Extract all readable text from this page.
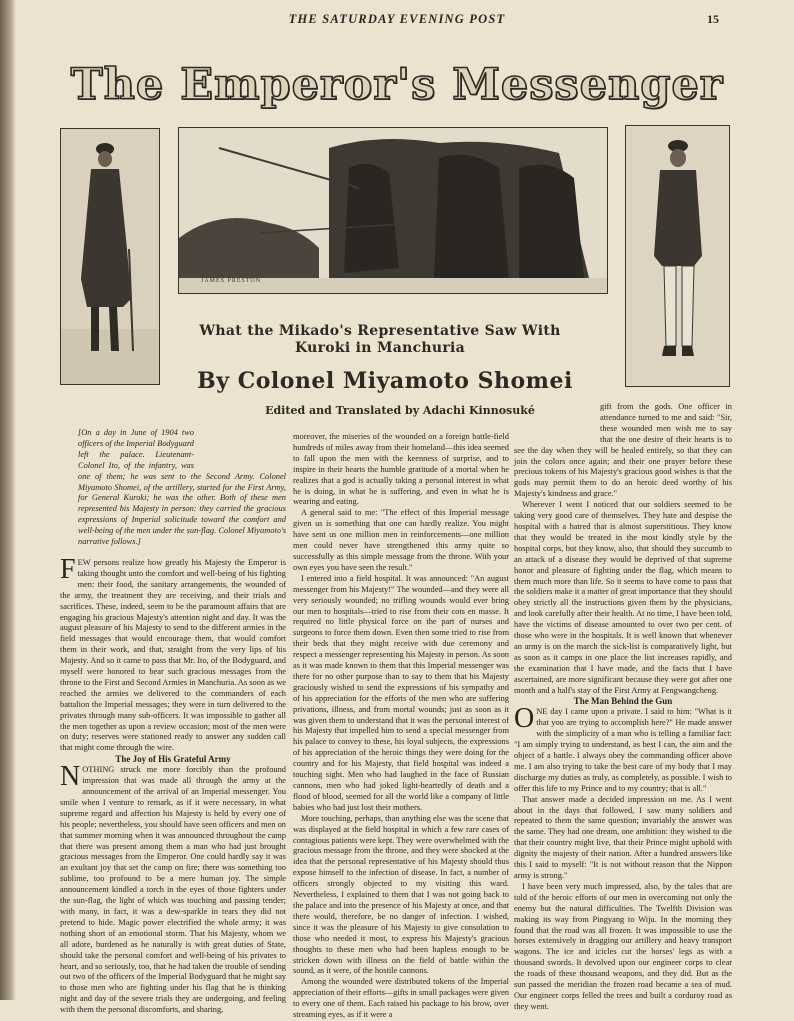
THE SATURDAY EVENING POST	15
The Emperor's Messenger
JAMES PRESTON
What the Mikado's Representative Saw With
Kuroki in Manchuria
By Colonel Miyamoto Shomei
Edited and Translated by Adachi Kinnosuké

[On a day in June of 1904 two officers of the Imperial Bodyguard left the palace. Lieutenant-Colonel Ito, of the infantry, was one of them; he was sent to the Second Army. Colonel Miyamoto Shomei, of the artillery, started for the First Army, for General Kuroki; he was the other. Both of these men represented his Majesty in person: they carried the gracious expressions of Imperial solicitude toward the comfort and well-being of the men under the sun-flag. Colonel Miyamoto's narrative follows.]

FEW persons realize how greatly his Majesty the Emperor is taking thought unto the comfort and well-being of his fighting men: their food, the sanitary arrangements, the wounded of the army, the treatment they are receiving, and their trials and sacrifices. These, indeed, seem to be the paramount affairs that are engaging his gracious Majesty's attention night and day. It was the august pleasure of his Majesty to send to the different armies in the field messages that would encourage them, that would comfort them in their work, and that, straight from the very lips of his Majesty. And so it came to pass that Mr. Ito, of the Bodyguard, and myself were honored to bear such gracious messages from the throne to the First and Second Armies in Manchuria. As soon as we reached the armies we delivered to the commanders of each battalion the Imperial messages; they were in turn delivered to the privates through many sub-officers. It was impossible to gather all the men together as upon a review occasion; most of the men were on duty; reserves were stationed ready to answer any sudden call that might come through the wire.

The Joy of His Grateful Army

NOTHING struck me more forcibly than the profound impression that was made all through the army at the announcement of the arrival of an Imperial messenger. You smile when I venture to remark, as if it were necessary, in what supreme regard and affection his Majesty is held by every one of his people; nevertheless, you should have seen officers and men on that summer morning when it was announced throughout the camp that there was present among them a man who had just brought gracious messages from the Emperor. One could hardly say it was an exultant joy that set the camp on fire; there was something too sublime, too profound to be a mere human joy. The simple announcement kindled a torch in the eyes of those fighters under the sun-flag, the light of which was touching and passing tender; with many, in fact, it was a dew-sparkle in tears they did not pretend to hide. Magic power electrified the whole army; it was nothing short of an emotional storm. That his Majesty, whom we all adore, burdened as he naturally is with great duties of State, should take the personal comfort and well-being of his privates to heart, and so seriously, too, that he had taken the trouble of sending out two of the officers of the Imperial Bodyguard that he might say to those men who are fighting under his flag that he is thinking night and day of the severe trials they are undergoing, and feeling with them the personal discomforts, and sharing,

moreover, the miseries of the wounded on a foreign battle-field hundreds of miles away from their homeland—this idea seemed to fall upon the men with the keenness of surprise, and to inspire in their hearts the humble gratitude of a mortal when he realizes that a god is actually taking a personal interest in what he is doing, in what he is suffering, and even in what he is wearing and eating.

A general said to me: "The effect of this Imperial message given us is something that one can hardly realize. You might have sent us one million men in reinforcements—one million men could never have strengthened this army quite so successfully as this simple message from the throne. With your own eyes you have seen the result."

I entered into a field hospital. It was announced: "An august messenger from his Majesty!" The wounded—and they were all very seriously wounded; no trifling wounds would ever bring our men to hospitals—tried to rise from their cots en masse. It required no little physical force on the part of nurses and surgeons to force them down. Even then some tried to rise from their beds that they might receive with due ceremony and respect a messenger representing his Majesty in person. As soon as it was made known to them that this Imperial messenger was there for no other purpose than to say to them that his Majesty graciously wished to send the expressions of his sympathy and of his appreciation for the efforts of the men who are suffering privations, illness, and from mortal wounds; just as soon as it was given them to understand that it was the personal interest of his Majesty that impelled him to send a special messenger from his palace to convey to these, his loyal subjects, the expressions of his appreciation of the heroic things they were doing for the country and for his Majesty, that field hospital was indeed a touching sight. Men who had laughed in the face of Russian cannons, men who had joked light-heartedly of death and a flood of blood, seemed for all the world like a company of little babies who had just lost their mothers.

More touching, perhaps, than anything else was the scene that was displayed at the field hospital in which a few rare cases of contagious patients were kept. They were overwhelmed with the gracious message from the throne, and they were shocked at the idea that the personal representative of his Majesty should thus expose himself to the infection of disease. In fact, a number of officers strongly objected to my visiting this ward. Nevertheless, I explained to them that I was not going back to the palace and into the presence of his Majesty at once, and that there would, therefore, be no danger of infection. I wished, since it was the pleasure of his Majesty to give consolation to those who needed it most, to express his Majesty's gracious thoughts to these men who had been hapless enough to be stricken down with illness on the field of battle within the sound, as it were, of the hostile cannons.

Among the wounded were distributed tokens of the Imperial appreciation of their efforts—gifts in small packages were given to every one of them. Each raised his package to his brow, over streaming eyes, as if it were a

gift from the gods. One officer in attendance turned to me and said: "Sir, these wounded men wish me to say that the one desire of their hearts is to see the day when they will be healed entirely, so that they can join the colors once again; and their one prayer before these precious tokens of his Majesty's gracious good wishes is that the gods may permit them to do an heroic deed worthy of his Majesty's kindness and grace."

Wherever I went I noticed that our soldiers seemed to be taking very good care of themselves. They hate and despise the hospital with a hatred that is almost superstitious. They know that they would be treated in the most kindly style by the hospital corps, but they know, also, that should they succumb to an attack of a disease they would be deprived of that supreme honor and pleasure of fighting under the flag, which means to them much more than life. So it seems to have come to pass that the soldiers make it a matter of great importance that they should obey strictly all the instructions given them by the physicians, and look carefully after their health. At no time, I have been told, have the victims of disease amounted to over two per cent. of those who were in the hospitals. It is well known that whenever an army is on the march the sick-list is comparatively light, but as soon as it camps in one place the list increases rapidly, and the examination that I have made, and the facts that I have ascertained, are more significant because they were got after one month and a half's stay of the First Army at Fengwangcheng.

The Man Behind the Gun

ONE day I came upon a private. I said to him: "What is it that you are trying to accomplish here?" He made answer with the simplicity of a man who is telling a familiar fact: "I am simply trying to understand, as best I can, the aim and the object of a battle. I always obey the commanding officer above me. I am also trying to take the best care of my body that I may discharge my duties as truly, as completely, as possible. I wish to offer this life to my Prince and to my country; that is all."

That answer made a decided impression on me. As I went about in the days that followed, I saw many soldiers and repeated to them the same question; invariably the answer was the same. They had one dream, one ambition: they wished to die that their country might live, that their Prince might uphold with dignity the majesty of their nation. After a hundred answers like this I said to myself: "It is not without reason that the Nippon army is strong."

I have been very much impressed, also, by the tales that are told of the heroic efforts of our men in overcoming not only the enemy but the natural difficulties. The Twelfth Division was making its way from Pingyang to Wiju. In the morning they found that the road was all frozen. It was impossible to use the horses extensively in dragging our artillery and heavy transport wagons. The ice and icicles cut the horses' legs as with a thousand swords. It devolved upon our engineer corps to clear the roads of these thousand weapons, and they did. But as the sun passed the meridian the frozen road became a sea of mud. Our engineer corps felled the trees and built a corduroy road as they went.
